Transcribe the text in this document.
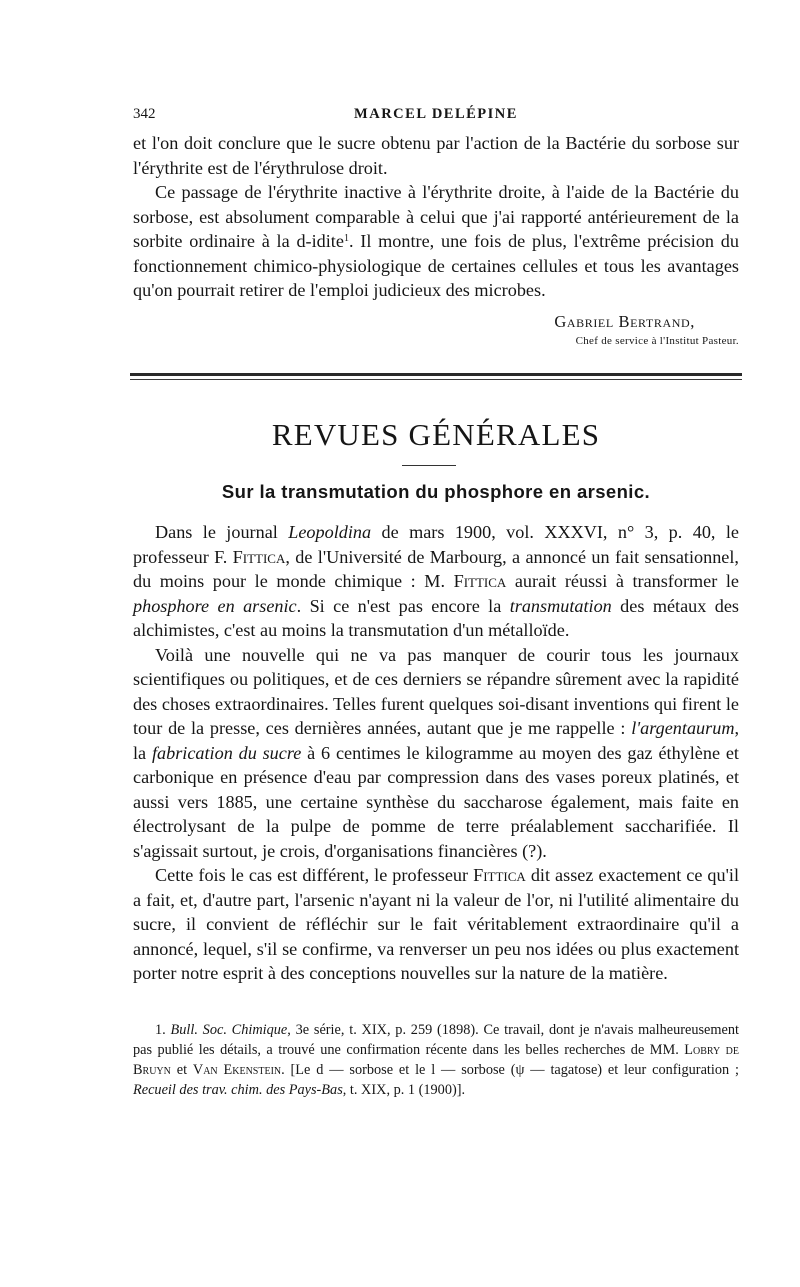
342	MARCEL DELÉPINE

et l'on doit conclure que le sucre obtenu par l'action de la Bactérie du sorbose sur l'érythrite est de l'érythrulose droit.

Ce passage de l'érythrite inactive à l'érythrite droite, à l'aide de la Bactérie du sorbose, est absolument comparable à celui que j'ai rapporté antérieurement de la sorbite ordinaire à la d-idite$^1$. Il montre, une fois de plus, l'extrême précision du fonctionnement chimico-physiologique de certaines cellules et tous les avantages qu'on pourrait retirer de l'emploi judicieux des microbes.

Gabriel Bertrand,
Chef de service à l'Institut Pasteur.
REVUES GÉNÉRALES
Sur la transmutation du phosphore en arsenic.

Dans le journal Leopoldina de mars 1900, vol. XXXVI, n° 3, p. 40, le professeur F. Fittica, de l'Université de Marbourg, a annoncé un fait sensationnel, du moins pour le monde chimique : M. Fittica aurait réussi à transformer le phosphore en arsenic. Si ce n'est pas encore la transmutation des métaux des alchimistes, c'est au moins la transmutation d'un métalloïde.

Voilà une nouvelle qui ne va pas manquer de courir tous les journaux scientifiques ou politiques, et de ces derniers se répandre sûrement avec la rapidité des choses extraordinaires. Telles furent quelques soi-disant inventions qui firent le tour de la presse, ces dernières années, autant que je me rappelle : l'argentaurum, la fabrication du sucre à 6 centimes le kilogramme au moyen des gaz éthylène et carbonique en présence d'eau par compression dans des vases poreux platinés, et aussi vers 1885, une certaine synthèse du saccharose également, mais faite en électrolysant de la pulpe de pomme de terre préalablement saccharifiée. Il s'agissait surtout, je crois, d'organisations financières (?).

Cette fois le cas est différent, le professeur Fittica dit assez exactement ce qu'il a fait, et, d'autre part, l'arsenic n'ayant ni la valeur de l'or, ni l'utilité alimentaire du sucre, il convient de réfléchir sur le fait véritablement extraordinaire qu'il a annoncé, lequel, s'il se confirme, va renverser un peu nos idées ou plus exactement porter notre esprit à des conceptions nouvelles sur la nature de la matière.

1. Bull. Soc. Chimique, 3e série, t. XIX, p. 259 (1898). Ce travail, dont je n'avais malheureusement pas publié les détails, a trouvé une confirmation récente dans les belles recherches de MM. Lobry de Bruyn et Van Ekenstein. [Le d — sorbose et le l — sorbose (ψ — tagatose) et leur configuration ; Recueil des trav. chim. des Pays-Bas, t. XIX, p. 1 (1900)].
